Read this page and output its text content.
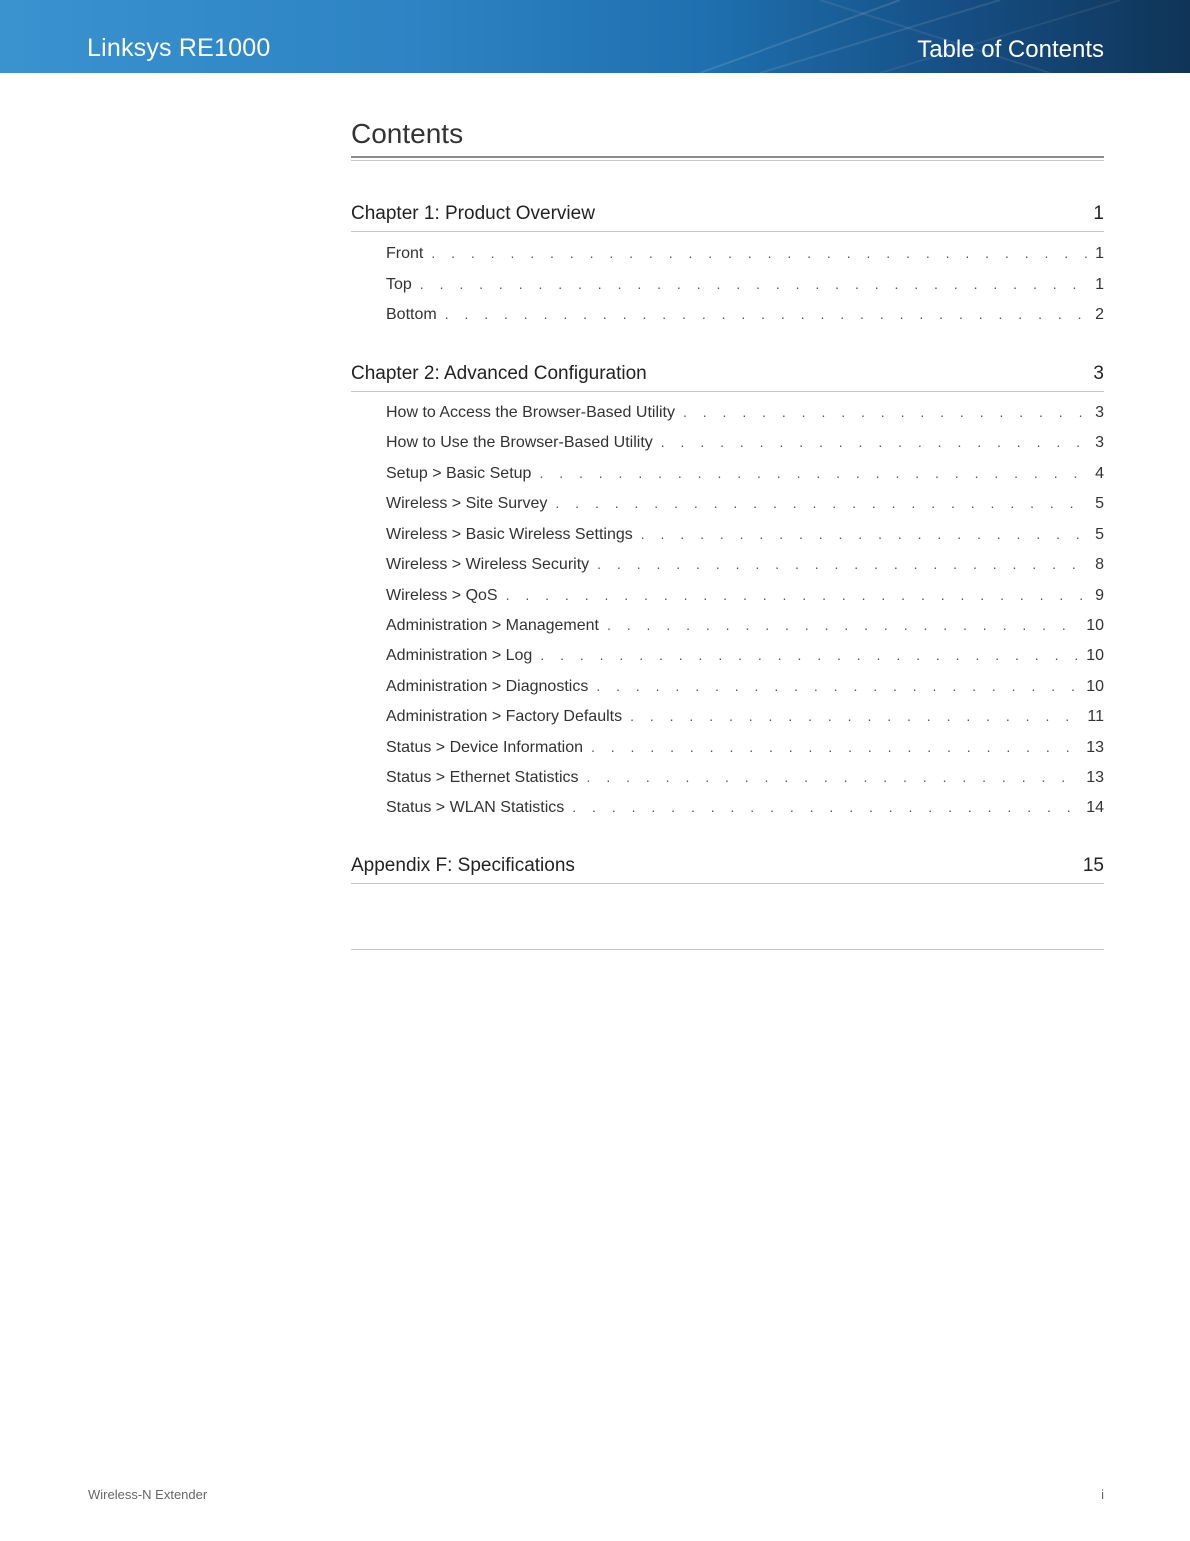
Linksys RE1000	Table of Contents
Contents
Chapter 1: Product Overview	1
Front . . .	1
Top . . .	1
Bottom . . .	2
Chapter 2: Advanced Configuration	3
How to Access the Browser-Based Utility . . .	3
How to Use the Browser-Based Utility . . .	3
Setup > Basic Setup . . .	4
Wireless > Site Survey . . .	5
Wireless > Basic Wireless Settings . . .	5
Wireless > Wireless Security . . .	8
Wireless > QoS . . .	9
Administration > Management . . .	10
Administration > Log . . .	10
Administration > Diagnostics . . .	10
Administration > Factory Defaults . . .	11
Status > Device Information . . .	13
Status > Ethernet Statistics . . .	13
Status > WLAN Statistics . . .	14
Appendix F: Specifications	15
Wireless-N Extender	i
